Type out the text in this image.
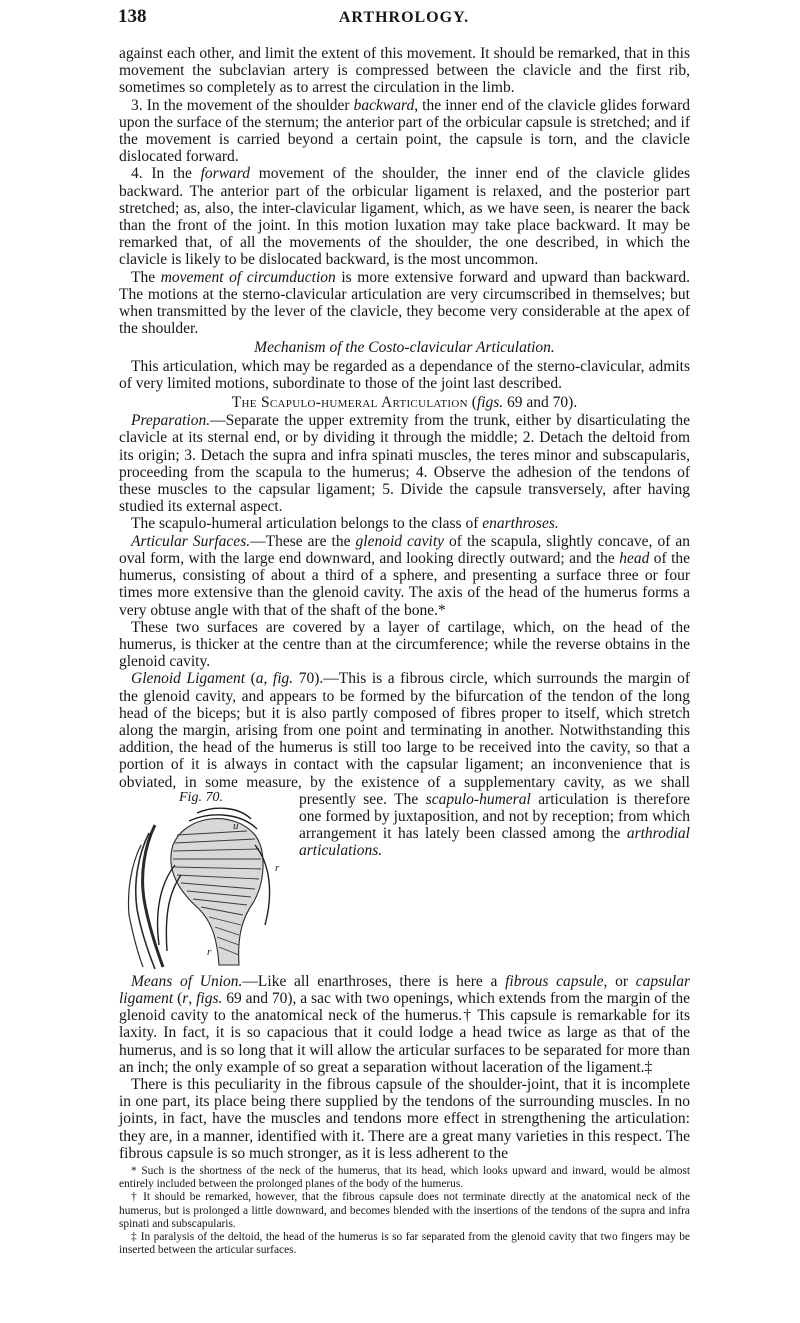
138	ARTHROLOGY.

against each other, and limit the extent of this movement. It should be remarked, that in this movement the subclavian artery is compressed between the clavicle and the first rib, sometimes so completely as to arrest the circulation in the limb.

3. In the movement of the shoulder backward, the inner end of the clavicle glides forward upon the surface of the sternum; the anterior part of the orbicular capsule is stretched; and if the movement is carried beyond a certain point, the capsule is torn, and the clavicle dislocated forward.

4. In the forward movement of the shoulder, the inner end of the clavicle glides backward. The anterior part of the orbicular ligament is relaxed, and the posterior part stretched; as, also, the inter-clavicular ligament, which, as we have seen, is nearer the back than the front of the joint. In this motion luxation may take place backward. It may be remarked that, of all the movements of the shoulder, the one described, in which the clavicle is likely to be dislocated backward, is the most uncommon.

The movement of circumduction is more extensive forward and upward than backward. The motions at the sterno-clavicular articulation are very circumscribed in themselves; but when transmitted by the lever of the clavicle, they become very considerable at the apex of the shoulder.

Mechanism of the Costo-clavicular Articulation.

This articulation, which may be regarded as a dependance of the sterno-clavicular, admits of very limited motions, subordinate to those of the joint last described.

The Scapulo-humeral Articulation (figs. 69 and 70).

Preparation.—Separate the upper extremity from the trunk, either by disarticulating the clavicle at its sternal end, or by dividing it through the middle; 2. Detach the deltoid from its origin; 3. Detach the supra and infra spinati muscles, the teres minor and subscapularis, proceeding from the scapula to the humerus; 4. Observe the adhesion of the tendons of these muscles to the capsular ligament; 5. Divide the capsule transversely, after having studied its external aspect.

The scapulo-humeral articulation belongs to the class of enarthroses.

Articular Surfaces.—These are the glenoid cavity of the scapula, slightly concave, of an oval form, with the large end downward, and looking directly outward; and the head of the humerus, consisting of about a third of a sphere, and presenting a surface three or four times more extensive than the glenoid cavity. The axis of the head of the humerus forms a very obtuse angle with that of the shaft of the bone.*

These two surfaces are covered by a layer of cartilage, which, on the head of the humerus, is thicker at the centre than at the circumference; while the reverse obtains in the glenoid cavity.

Glenoid Ligament (a, fig. 70).—This is a fibrous circle, which surrounds the margin of the glenoid cavity, and appears to be formed by the bifurcation of the tendon of the long head of the biceps; but it is also partly composed of fibres proper to itself, which stretch along the margin, arising from one point and terminating in another. Notwithstanding this addition, the head of the humerus is still too large to be received into the cavity, so that a portion of it is always in contact with the capsular ligament; an inconvenience that is obviated, in some measure, by the existence of a supplementary cavity, as we shall presently see. The
Fig. 70.
u
r
r
scapulo-humeral articulation is therefore one formed by juxtaposition, and not by reception; from which arrangement it has lately been classed among the arthrodial articulations.

Means of Union.—Like all enarthroses, there is here a fibrous capsule, or capsular ligament (r, figs. 69 and 70), a sac with two openings, which extends from the margin of the glenoid cavity to the anatomical neck of the humerus.† This capsule is remarkable for its laxity. In fact, it is so capacious that it could lodge a head twice as large as that of the humerus, and is so long that it will allow the articular surfaces to be separated for more than an inch; the only example of so great a separation without laceration of the ligament.‡

There is this peculiarity in the fibrous capsule of the shoulder-joint, that it is incomplete in one part, its place being there supplied by the tendons of the surrounding muscles. In no joints, in fact, have the muscles and tendons more effect in strengthening the articulation: they are, in a manner, identified with it. There are a great many varieties in this respect. The fibrous capsule is so much stronger, as it is less adherent to the

* Such is the shortness of the neck of the humerus, that its head, which looks upward and inward, would be almost entirely included between the prolonged planes of the body of the humerus.

† It should be remarked, however, that the fibrous capsule does not terminate directly at the anatomical neck of the humerus, but is prolonged a little downward, and becomes blended with the insertions of the tendons of the supra and infra spinati and subscapularis.

‡ In paralysis of the deltoid, the head of the humerus is so far separated from the glenoid cavity that two fingers may be inserted between the articular surfaces.
